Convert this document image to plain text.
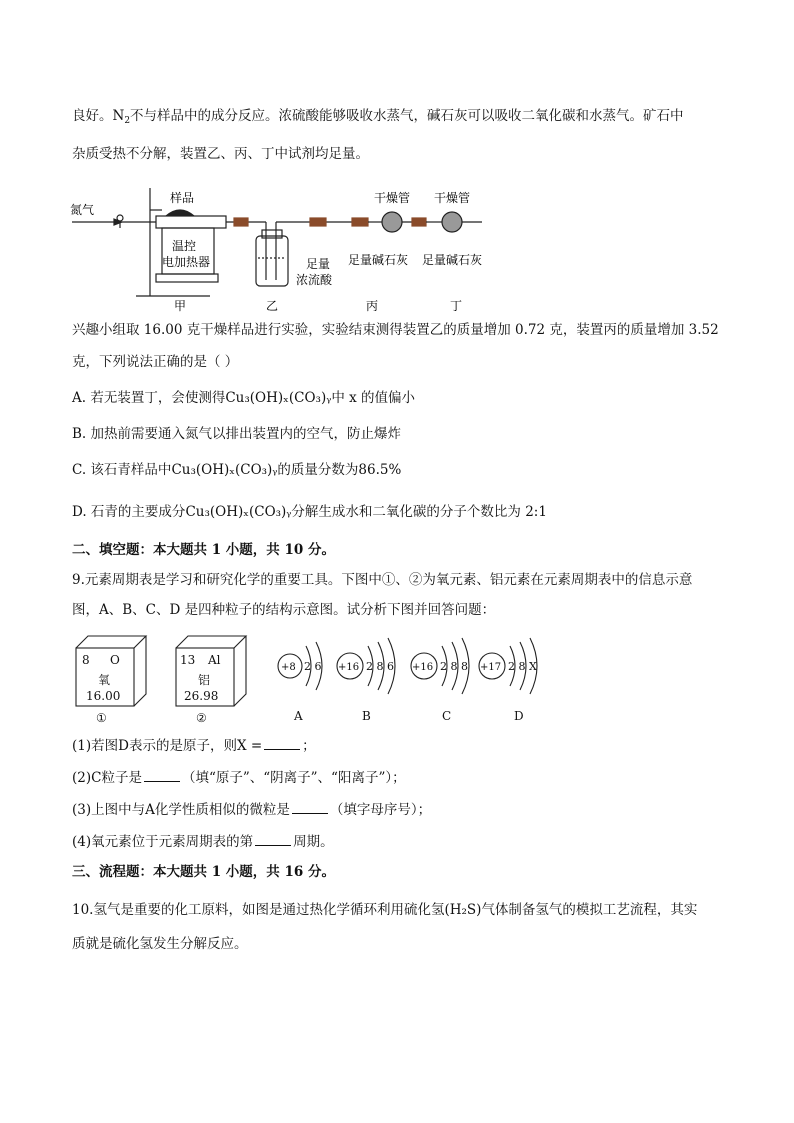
良好。$N_2$不与样品中的成分反应。浓硫酸能够吸收水蒸气，碱石灰可以吸收二氧化碳和水蒸气。矿石中
杂质受热不分解，装置乙、丙、丁中试剂均足量。
氮气
样品
温控
电加热器	足量
浓流酸
干燥管 干燥管
足量碱石灰 足量碱石灰
甲	乙	丙	丁
兴趣小组取 16.00 克干燥样品进行实验，实验结束测得装置乙的质量增加 0.72 克，装置丙的质量增加 3.52
克，下列说法正确的是（ ）
A. 若无装置丁，会使测得Cu₃(OH)ₓ(CO₃)ᵧ中 x 的值偏小
B. 加热前需要通入氮气以排出装置内的空气，防止爆炸
C. 该石青样品中Cu₃(OH)ₓ(CO₃)ᵧ的质量分数为86.5%
D. 石青的主要成分Cu₃(OH)ₓ(CO₃)ᵧ分解生成水和二氧化碳的分子个数比为 2:1
二、填空题：本大题共 1 小题，共 10 分。
9.元素周期表是学习和研究化学的重要工具。下图中①、②为氧元素、铝元素在元素周期表中的信息示意
图，A、B、C、D 是四种粒子的结构示意图。试分析下图并回答问题：
8 O
氧
16.00
①
13 Al
铝
26.98
②
+8 2 6
A
+16 2 8 6
B
+16 2 8 8
C
+17 2 8 X
D
(1)若图D表示的是原子，则X =	；
(2)C粒子是	（填“原子”、“阴离子”、“阳离子”）；
(3)上图中与A化学性质相似的微粒是	（填字母序号）；
(4)氧元素位于元素周期表的第	周期。
三、流程题：本大题共 1 小题，共 16 分。
10.氢气是重要的化工原料，如图是通过热化学循环利用硫化氢(H₂S)气体制备氢气的模拟工艺流程，其实
质就是硫化氢发生分解反应。
